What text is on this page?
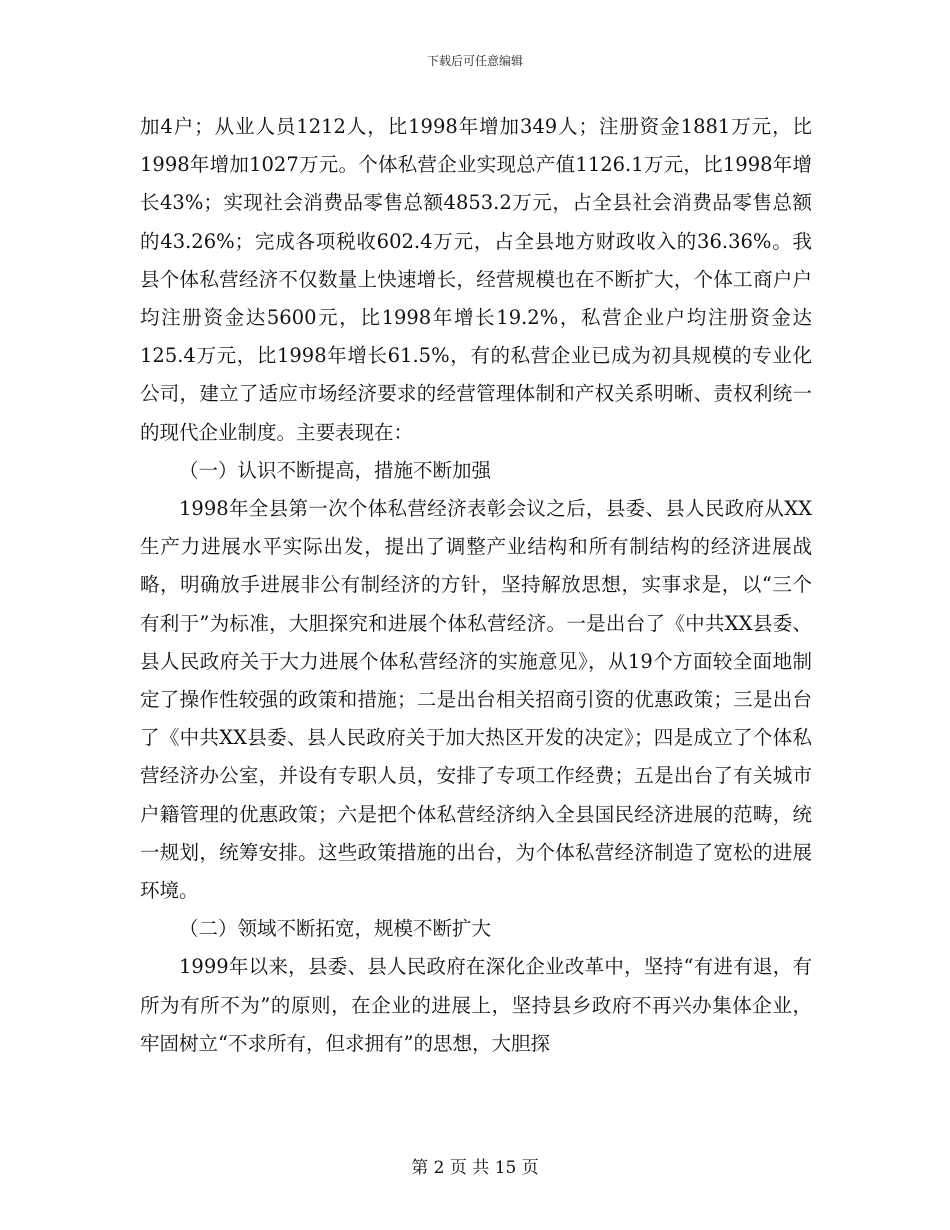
下载后可任意编辑

加4户；从业人员1212人，比1998年增加349人；注册资金1881万元，比1998年增加1027万元。个体私营企业实现总产值1126.1万元，比1998年增长43%；实现社会消费品零售总额4853.2万元，占全县社会消费品零售总额的43.26%；完成各项税收602.4万元，占全县地方财政收入的36.36%。我县个体私营经济不仅数量上快速增长，经营规模也在不断扩大，个体工商户户均注册资金达5600元，比1998年增长19.2%，私营企业户均注册资金达125.4万元，比1998年增长61.5%，有的私营企业已成为初具规模的专业化公司，建立了适应市场经济要求的经营管理体制和产权关系明晰、责权利统一的现代企业制度。主要表现在：

（一）认识不断提高，措施不断加强

1998年全县第一次个体私营经济表彰会议之后，县委、县人民政府从XX生产力进展水平实际出发，提出了调整产业结构和所有制结构的经济进展战略，明确放手进展非公有制经济的方针，坚持解放思想，实事求是，以“三个有利于”为标准，大胆探究和进展个体私营经济。一是出台了《中共XX县委、县人民政府关于大力进展个体私营经济的实施意见》，从19个方面较全面地制定了操作性较强的政策和措施；二是出台相关招商引资的优惠政策；三是出台了《中共XX县委、县人民政府关于加大热区开发的决定》；四是成立了个体私营经济办公室，并设有专职人员，安排了专项工作经费；五是出台了有关城市户籍管理的优惠政策；六是把个体私营经济纳入全县国民经济进展的范畴，统一规划，统筹安排。这些政策措施的出台，为个体私营经济制造了宽松的进展环境。

（二）领域不断拓宽，规模不断扩大

1999年以来，县委、县人民政府在深化企业改革中，坚持“有进有退，有所为有所不为”的原则，在企业的进展上，坚持县乡政府不再兴办集体企业，牢固树立“不求所有，但求拥有”的思想，大胆探

第 2 页 共 15 页
